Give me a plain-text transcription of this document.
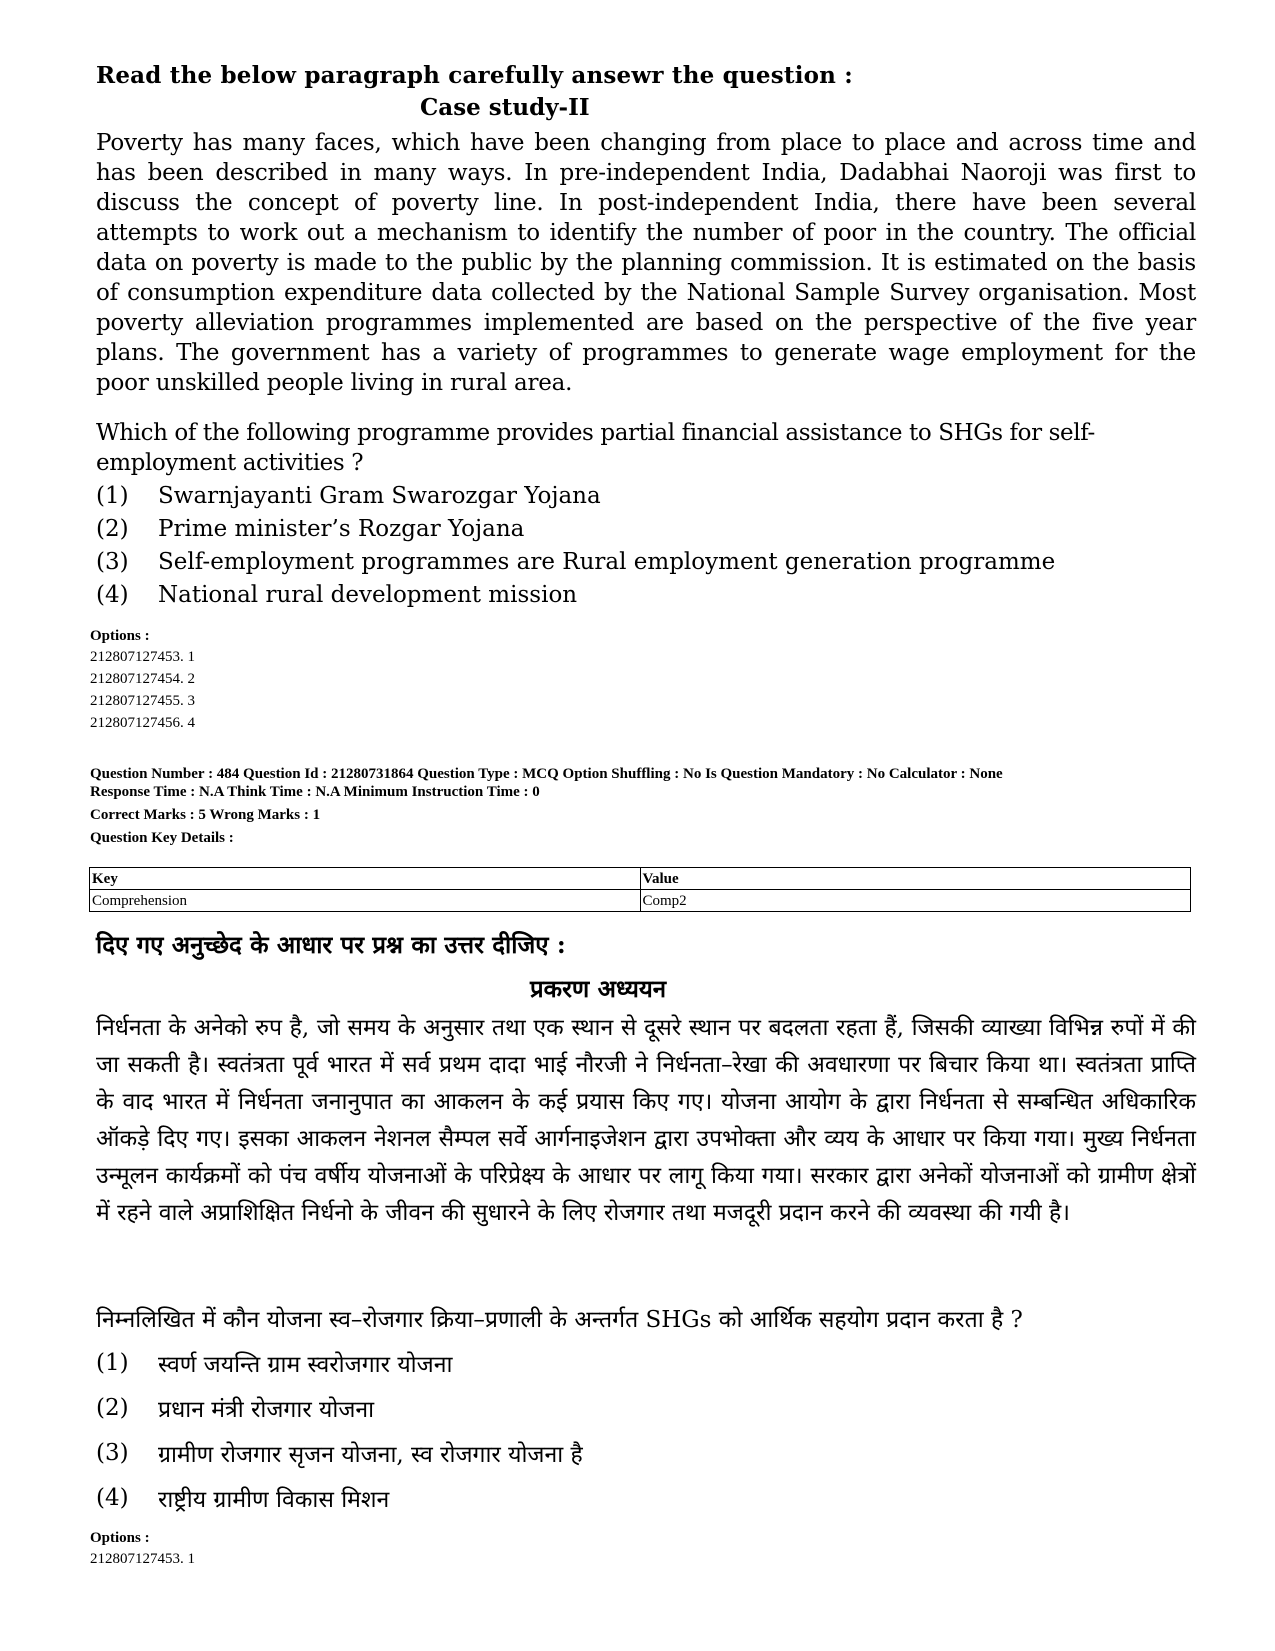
Read the below paragraph carefully ansewr the question :
Case study-II
Poverty has many faces, which have been changing from place to place and across time and has been described in many ways. In pre-independent India, Dadabhai Naoroji was first to discuss the concept of poverty line. In post-independent India, there have been several attempts to work out a mechanism to identify the number of poor in the country. The official data on poverty is made to the public by the planning commission. It is estimated on the basis of consumption expenditure data collected by the National Sample Survey organisation. Most poverty alleviation programmes implemented are based on the perspective of the five year plans. The government has a variety of programmes to generate wage employment for the poor unskilled people living in rural area.
Which of the following programme provides partial financial assistance to SHGs for self-employment activities ?
(1)	Swarnjayanti Gram Swarozgar Yojana
(2)	Prime minister’s Rozgar Yojana
(3)	Self-employment programmes are Rural employment generation programme
(4)	National rural development mission
Options :
212807127453. 1
212807127454. 2
212807127455. 3
212807127456. 4
Question Number : 484 Question Id : 21280731864 Question Type : MCQ Option Shuffling : No Is Question Mandatory : No Calculator : None
Response Time : N.A Think Time : N.A Minimum Instruction Time : 0
Correct Marks : 5 Wrong Marks : 1
Question Key Details :
Key	Value
Comprehension	Comp2
दिए गए अनुच्छेद के आधार पर प्रश्न का उत्तर दीजिए :
प्रकरण अध्ययन
निर्धनता के अनेको रुप है, जो समय के अनुसार तथा एक स्थान से दूसरे स्थान पर बदलता रहता हैं, जिसकी व्याख्या विभिन्न रुपों में की जा सकती है। स्वतंत्रता पूर्व भारत में सर्व प्रथम दादा भाई नौरजी ने निर्धनता–रेखा की अवधारणा पर बिचार किया था। स्वतंत्रता प्राप्ति के वाद भारत में निर्धनता जनानुपात का आकलन के कई प्रयास किए गए। योजना आयोग के द्वारा निर्धनता से सम्बन्धित अधिकारिक ऑकड़े दिए गए। इसका आकलन नेशनल सैम्पल सर्वे आर्गनाइजेशन द्वारा उपभोक्ता और व्यय के आधार पर किया गया। मुख्य निर्धनता उन्मूलन कार्यक्रमों को पंच वर्षीय योजनाओं के परिप्रेक्ष्य के आधार पर लागू किया गया। सरकार द्वारा अनेकों योजनाओं को ग्रामीण क्षेत्रों में रहने वाले अप्राशिक्षित निर्धनो के जीवन की सुधारने के लिए रोजगार तथा मजदूरी प्रदान करने की व्यवस्था की गयी है।
निम्नलिखित में कौन योजना स्व–रोजगार क्रिया–प्रणाली के अन्तर्गत SHGs को आर्थिक सहयोग प्रदान करता है ?
(1)	स्वर्ण जयन्ति ग्राम स्वरोजगार योजना
(2)	प्रधान मंत्री रोजगार योजना
(3)	ग्रामीण रोजगार सृजन योजना, स्व रोजगार योजना है
(4)	राष्ट्रीय ग्रामीण विकास मिशन
Options :
212807127453. 1
